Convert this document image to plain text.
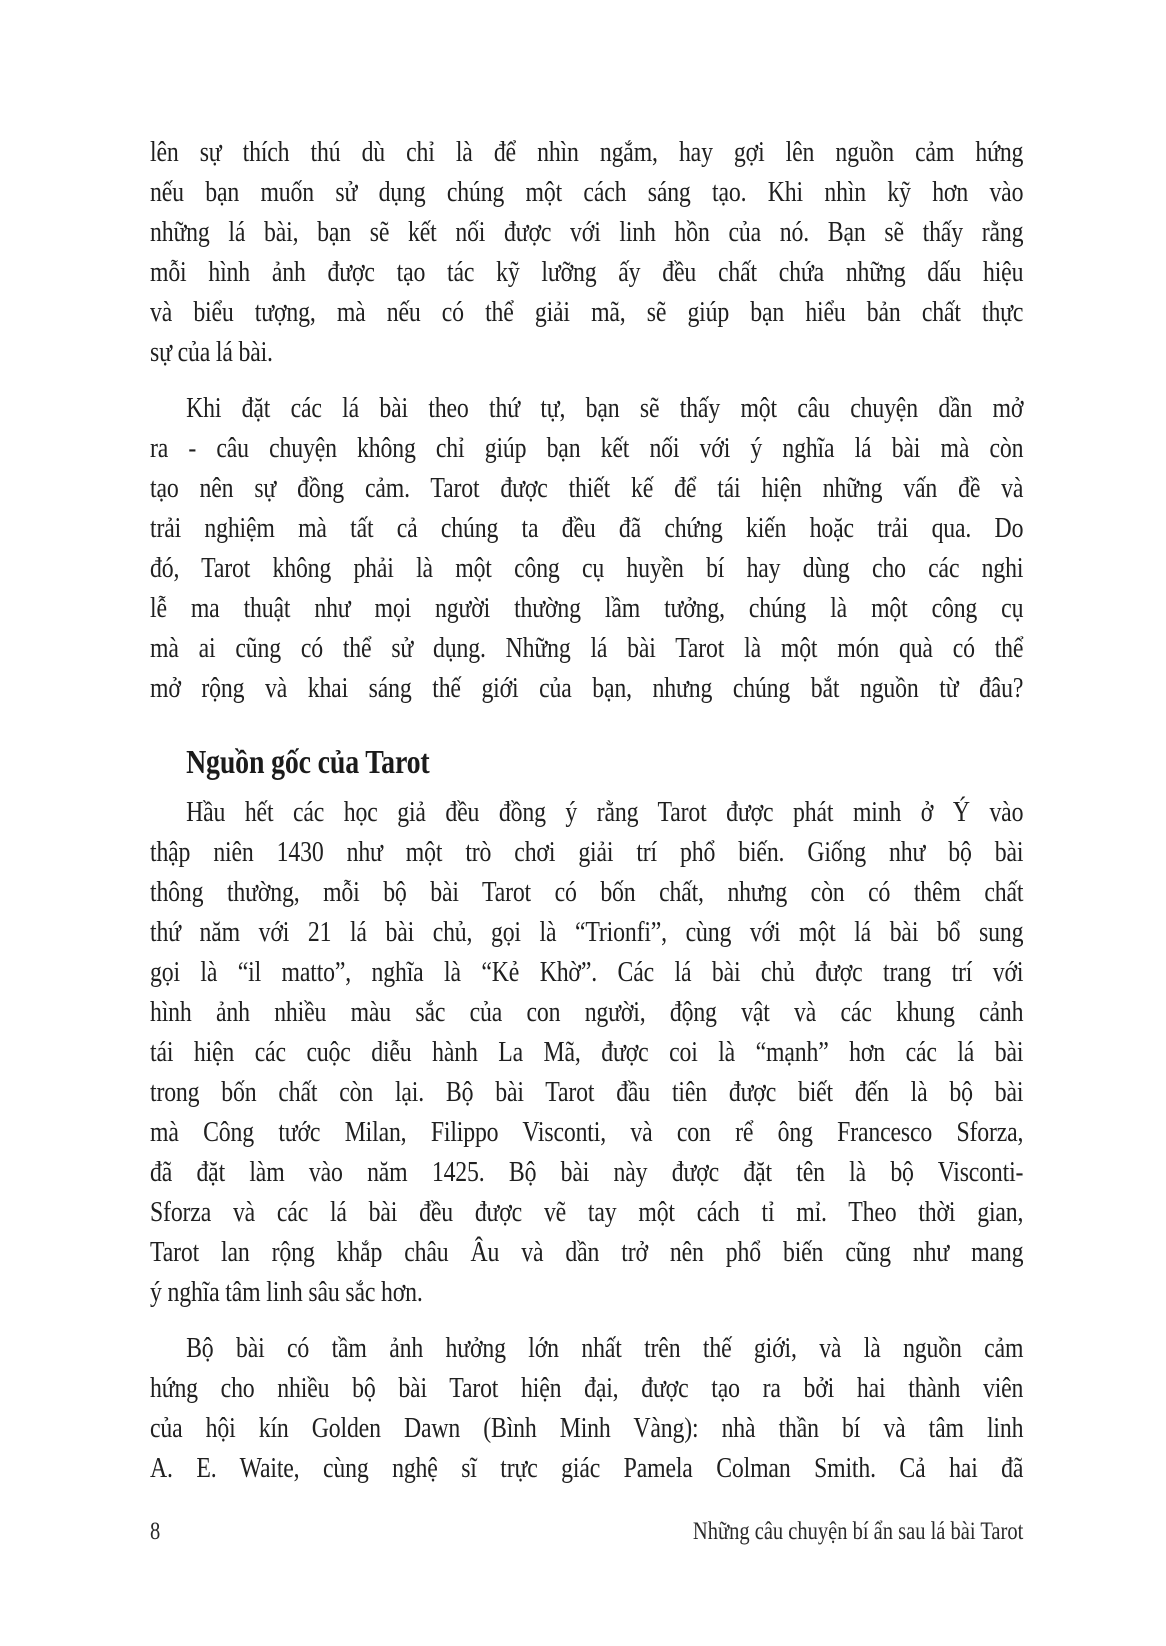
lên sự thích thú dù chỉ là để nhìn ngắm, hay gợi lên nguồn cảm hứng
nếu bạn muốn sử dụng chúng một cách sáng tạo. Khi nhìn kỹ hơn vào
những lá bài, bạn sẽ kết nối được với linh hồn của nó. Bạn sẽ thấy rằng
mỗi hình ảnh được tạo tác kỹ lưỡng ấy đều chất chứa những dấu hiệu
và biểu tượng, mà nếu có thể giải mã, sẽ giúp bạn hiểu bản chất thực
sự của lá bài.
Khi đặt các lá bài theo thứ tự, bạn sẽ thấy một câu chuyện dần mở
ra - câu chuyện không chỉ giúp bạn kết nối với ý nghĩa lá bài mà còn
tạo nên sự đồng cảm. Tarot được thiết kế để tái hiện những vấn đề và
trải nghiệm mà tất cả chúng ta đều đã chứng kiến hoặc trải qua. Do
đó, Tarot không phải là một công cụ huyền bí hay dùng cho các nghi
lễ ma thuật như mọi người thường lầm tưởng, chúng là một công cụ
mà ai cũng có thể sử dụng. Những lá bài Tarot là một món quà có thể
mở rộng và khai sáng thế giới của bạn, nhưng chúng bắt nguồn từ đâu?
Nguồn gốc của Tarot
Hầu hết các học giả đều đồng ý rằng Tarot được phát minh ở Ý vào
thập niên 1430 như một trò chơi giải trí phổ biến. Giống như bộ bài
thông thường, mỗi bộ bài Tarot có bốn chất, nhưng còn có thêm chất
thứ năm với 21 lá bài chủ, gọi là “Trionfi”, cùng với một lá bài bổ sung
gọi là “il matto”, nghĩa là “Kẻ Khờ”. Các lá bài chủ được trang trí với
hình ảnh nhiều màu sắc của con người, động vật và các khung cảnh
tái hiện các cuộc diễu hành La Mã, được coi là “mạnh” hơn các lá bài
trong bốn chất còn lại. Bộ bài Tarot đầu tiên được biết đến là bộ bài
mà Công tước Milan, Filippo Visconti, và con rể ông Francesco Sforza,
đã đặt làm vào năm 1425. Bộ bài này được đặt tên là bộ Visconti-
Sforza và các lá bài đều được vẽ tay một cách tỉ mỉ. Theo thời gian,
Tarot lan rộng khắp châu Âu và dần trở nên phổ biến cũng như mang
ý nghĩa tâm linh sâu sắc hơn.
Bộ bài có tầm ảnh hưởng lớn nhất trên thế giới, và là nguồn cảm
hứng cho nhiều bộ bài Tarot hiện đại, được tạo ra bởi hai thành viên
của hội kín Golden Dawn (Bình Minh Vàng): nhà thần bí và tâm linh
A. E. Waite, cùng nghệ sĩ trực giác Pamela Colman Smith. Cả hai đã
8	Những câu chuyện bí ẩn sau lá bài Tarot
